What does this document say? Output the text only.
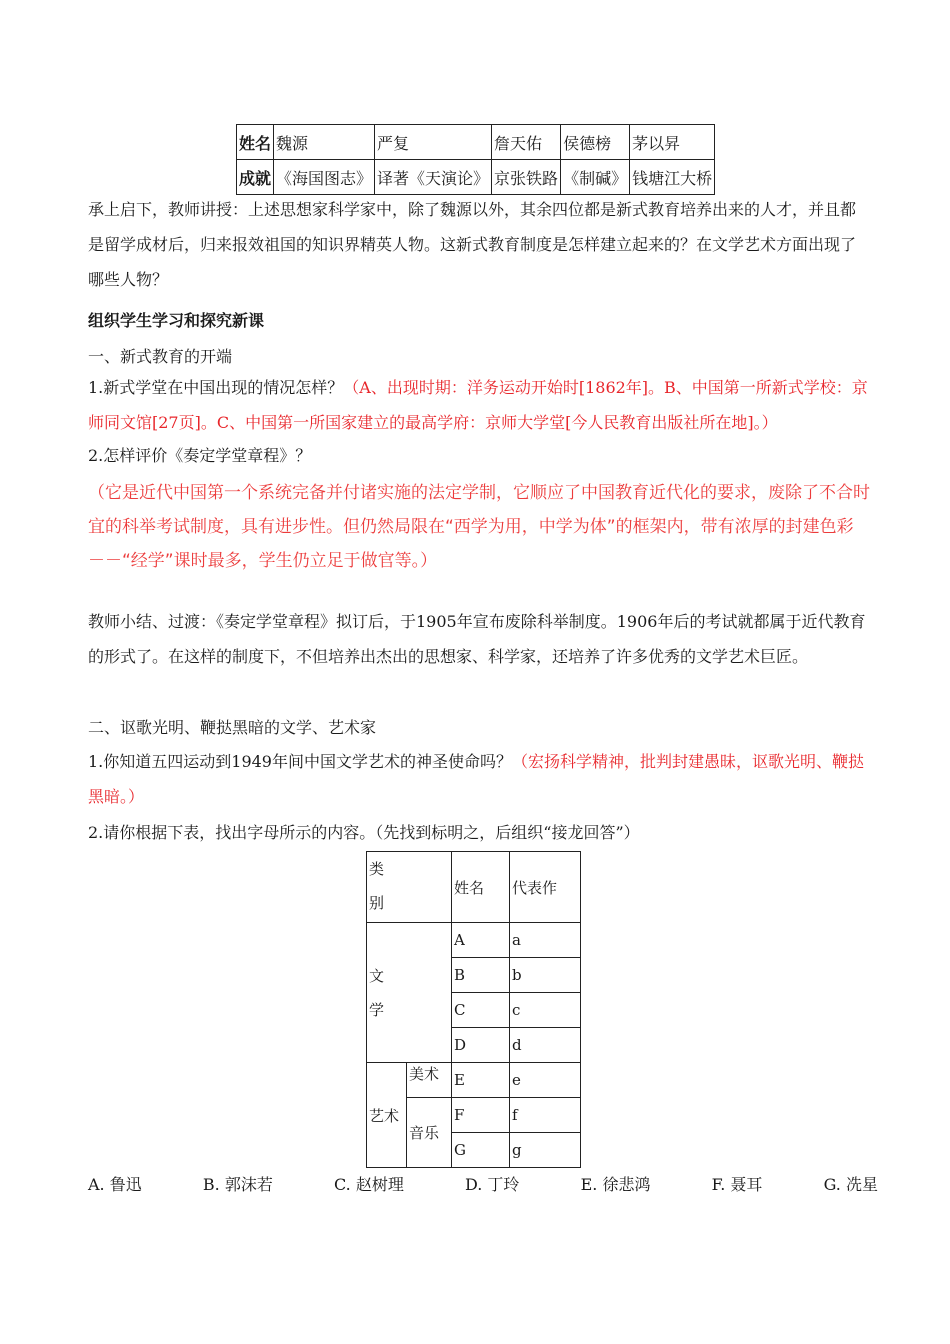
姓名	魏源	严复	詹天佑	侯德榜	茅以昇
成就	《海国图志》	译著《天演论》	京张铁路	《制碱》	钱塘江大桥

承上启下，教师讲授：上述思想家科学家中，除了魏源以外，其余四位都是新式教育培养出来的人才，并且都是留学成材后，归来报效祖国的知识界精英人物。这新式教育制度是怎样建立起来的？在文学艺术方面出现了哪些人物？

组织学生学习和探究新课

一、新式教育的开端

1.新式学堂在中国出现的情况怎样？（A、出现时期：洋务运动开始时[1862年]。B、中国第一所新式学校：京师同文馆[27页]。C、中国第一所国家建立的最高学府：京师大学堂[今人民教育出版社所在地]。）

2.怎样评价《奏定学堂章程》？

（它是近代中国第一个系统完备并付诸实施的法定学制，它顺应了中国教育近代化的要求，废除了不合时宜的科举考试制度，具有进步性。但仍然局限在“西学为用，中学为体”的框架内，带有浓厚的封建色彩－－“经学”课时最多，学生仍立足于做官等。）

教师小结、过渡：《奏定学堂章程》拟订后，于1905年宣布废除科举制度。1906年后的考试就都属于近代教育的形式了。在这样的制度下，不但培养出杰出的思想家、科学家，还培养了许多优秀的文学艺术巨匠。

二、讴歌光明、鞭挞黑暗的文学、艺术家

1.你知道五四运动到1949年间中国文学艺术的神圣使命吗？（宏扬科学精神，批判封建愚昧，讴歌光明、鞭挞黑暗。）

2.请你根据下表，找出字母所示的内容。（先找到标明之，后组织“接龙回答”）

类
别		姓名	代表作

文
学		A	a
		B	b
		C	c
		D	d
艺术	美术	E	e
	音乐	F	f
		G	g
A. 鲁迅	B. 郭沫若	C. 赵树理	D. 丁玲	E. 徐悲鸿	F. 聂耳	G. 冼星
